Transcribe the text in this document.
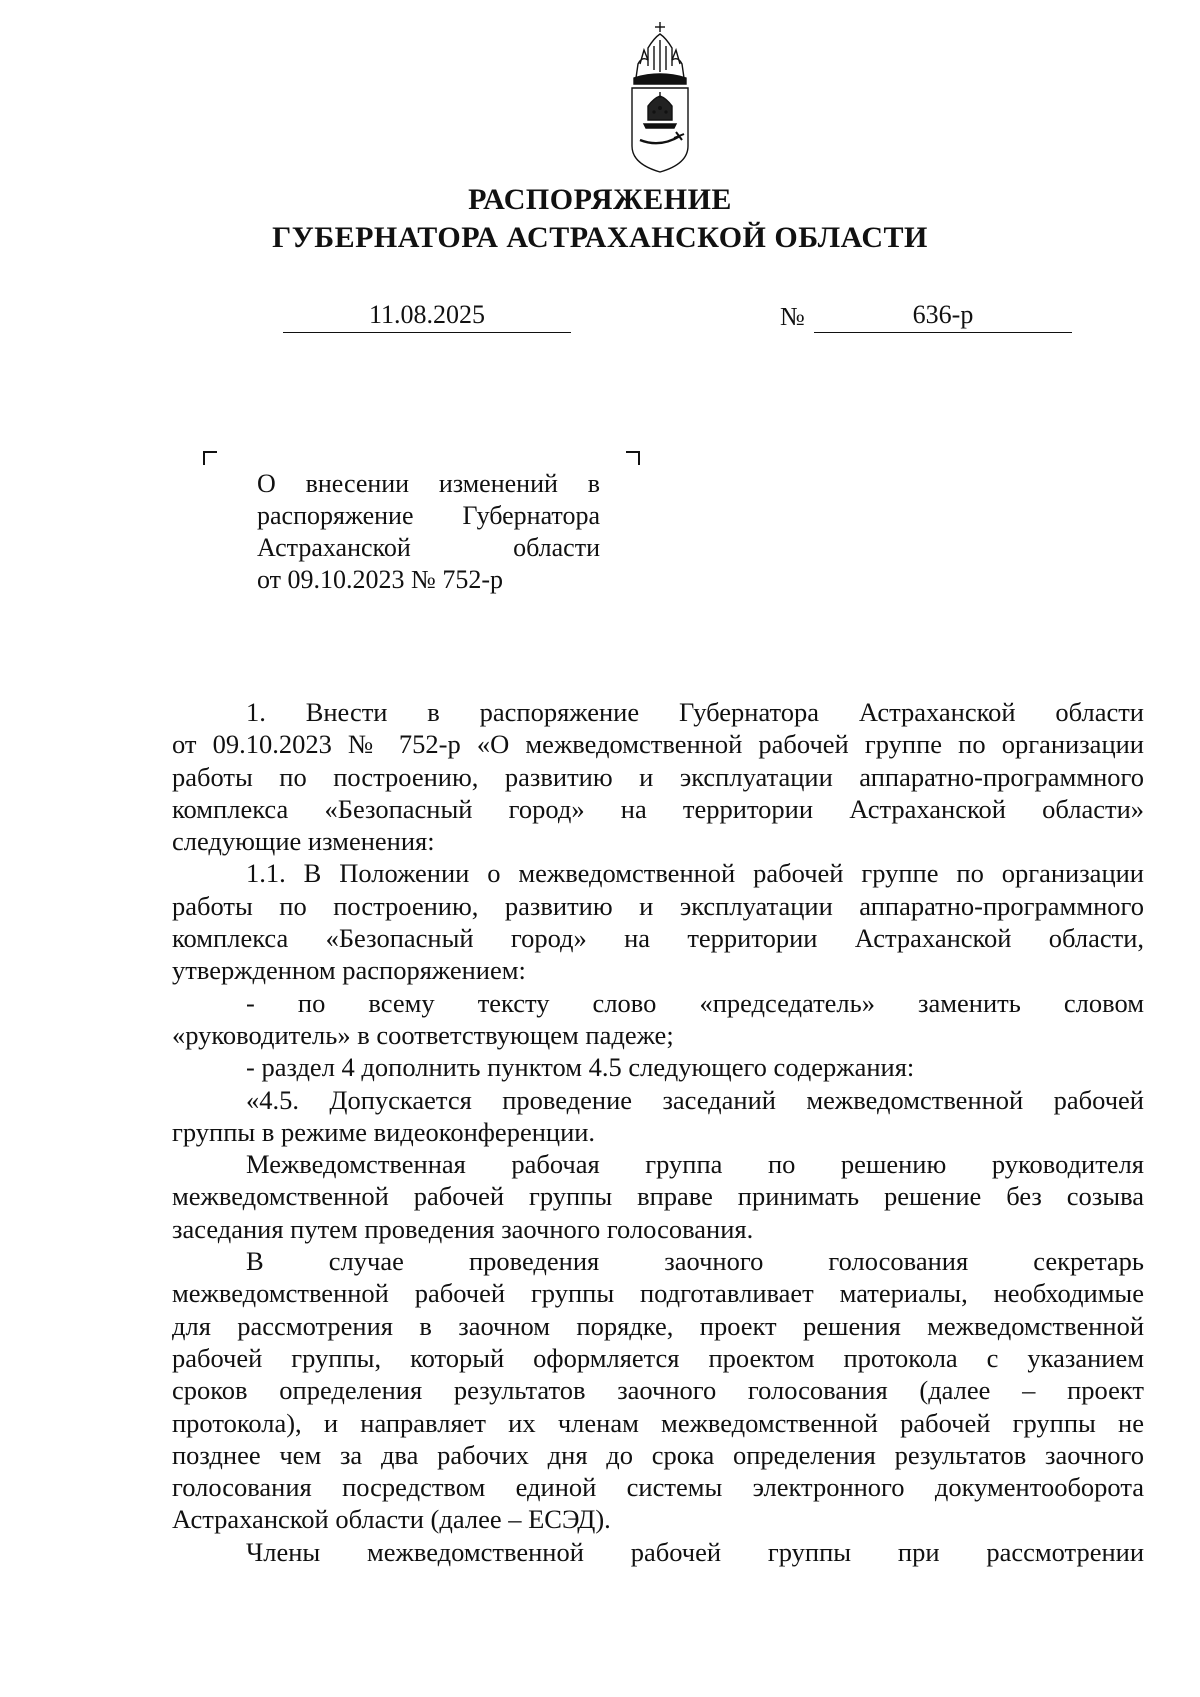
РАСПОРЯЖЕНИЕ
ГУБЕРНАТОРА АСТРАХАНСКОЙ ОБЛАСТИ
11.08.2025	№	636-р
О внесении изменений в
распоряжение Губернатора
Астраханской области
от 09.10.2023 № 752-р
1. Внести в распоряжение Губернатора Астраханской области
от 09.10.2023 № 752-р «О межведомственной рабочей группе по организации
работы по построению, развитию и эксплуатации аппаратно-программного
комплекса «Безопасный город» на территории Астраханской области»
следующие изменения:
1.1. В Положении о межведомственной рабочей группе по организации
работы по построению, развитию и эксплуатации аппаратно-программного
комплекса «Безопасный город» на территории Астраханской области,
утвержденном распоряжением:
- по всему тексту слово «председатель» заменить словом
«руководитель» в соответствующем падеже;
- раздел 4 дополнить пунктом 4.5 следующего содержания:
«4.5. Допускается проведение заседаний межведомственной рабочей
группы в режиме видеоконференции.
Межведомственная рабочая группа по решению руководителя
межведомственной рабочей группы вправе принимать решение без созыва
заседания путем проведения заочного голосования.
В случае проведения заочного голосования секретарь
межведомственной рабочей группы подготавливает материалы, необходимые
для рассмотрения в заочном порядке, проект решения межведомственной
рабочей группы, который оформляется проектом протокола с указанием
сроков определения результатов заочного голосования (далее – проект
протокола), и направляет их членам межведомственной рабочей группы не
позднее чем за два рабочих дня до срока определения результатов заочного
голосования посредством единой системы электронного документооборота
Астраханской области (далее – ЕСЭД).
Члены межведомственной рабочей группы при рассмотрении
